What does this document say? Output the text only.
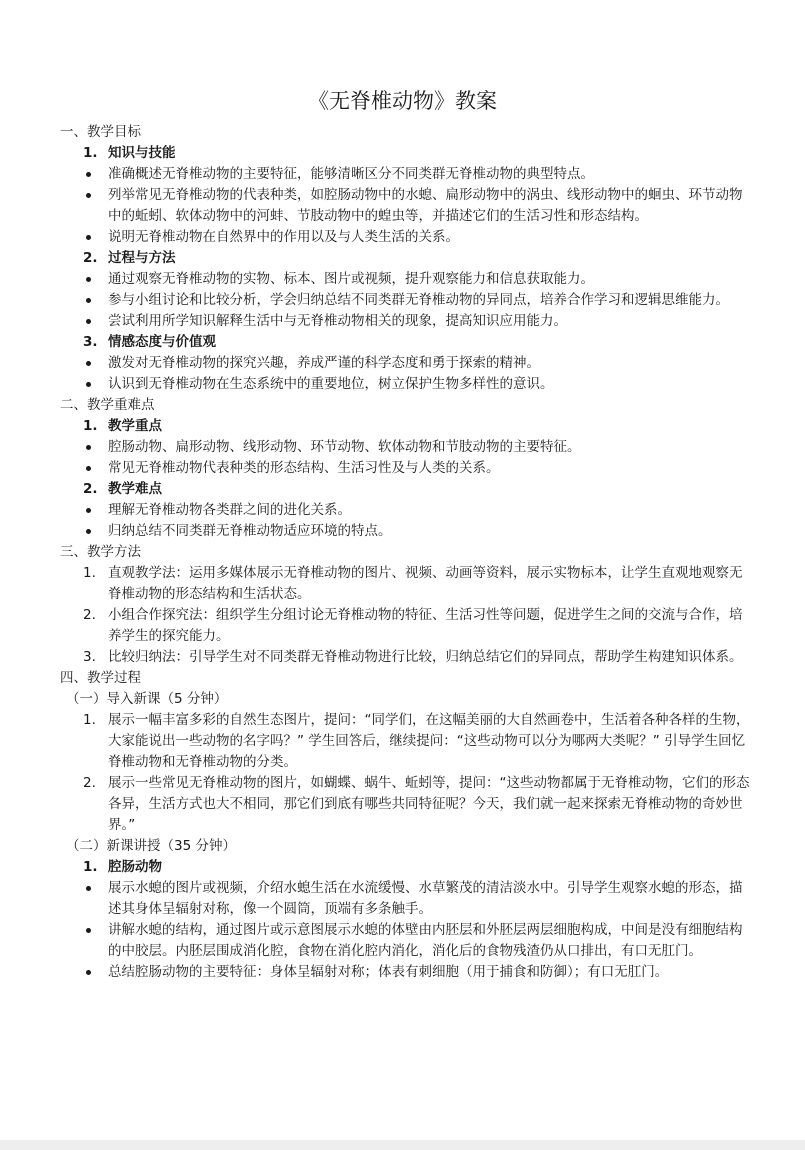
《无脊椎动物》教案
一、教学目标
1. 知识与技能
准确概述无脊椎动物的主要特征，能够清晰区分不同类群无脊椎动物的典型特点。
列举常见无脊椎动物的代表种类，如腔肠动物中的水螅、扁形动物中的涡虫、线形动物中的蛔虫、环节动物中的蚯蚓、软体动物中的河蚌、节肢动物中的蝗虫等，并描述它们的生活习性和形态结构。
说明无脊椎动物在自然界中的作用以及与人类生活的关系。
2. 过程与方法
通过观察无脊椎动物的实物、标本、图片或视频，提升观察能力和信息获取能力。
参与小组讨论和比较分析，学会归纳总结不同类群无脊椎动物的异同点，培养合作学习和逻辑思维能力。
尝试利用所学知识解释生活中与无脊椎动物相关的现象，提高知识应用能力。
3. 情感态度与价值观
激发对无脊椎动物的探究兴趣，养成严谨的科学态度和勇于探索的精神。
认识到无脊椎动物在生态系统中的重要地位，树立保护生物多样性的意识。
二、教学重难点
1. 教学重点
腔肠动物、扁形动物、线形动物、环节动物、软体动物和节肢动物的主要特征。
常见无脊椎动物代表种类的形态结构、生活习性及与人类的关系。
2. 教学难点
理解无脊椎动物各类群之间的进化关系。
归纳总结不同类群无脊椎动物适应环境的特点。
三、教学方法
1. 直观教学法：运用多媒体展示无脊椎动物的图片、视频、动画等资料，展示实物标本，让学生直观地观察无脊椎动物的形态结构和生活状态。
2. 小组合作探究法：组织学生分组讨论无脊椎动物的特征、生活习性等问题，促进学生之间的交流与合作，培养学生的探究能力。
3. 比较归纳法：引导学生对不同类群无脊椎动物进行比较，归纳总结它们的异同点，帮助学生构建知识体系。
四、教学过程
（一）导入新课（5 分钟）
1. 展示一幅丰富多彩的自然生态图片，提问：“同学们，在这幅美丽的大自然画卷中，生活着各种各样的生物，大家能说出一些动物的名字吗？” 学生回答后，继续提问：“这些动物可以分为哪两大类呢？” 引导学生回忆脊椎动物和无脊椎动物的分类。
2. 展示一些常见无脊椎动物的图片，如蝴蝶、蜗牛、蚯蚓等，提问：“这些动物都属于无脊椎动物，它们的形态各异，生活方式也大不相同，那它们到底有哪些共同特征呢？今天，我们就一起来探索无脊椎动物的奇妙世界。”
（二）新课讲授（35 分钟）
1. 腔肠动物
展示水螅的图片或视频，介绍水螅生活在水流缓慢、水草繁茂的清洁淡水中。引导学生观察水螅的形态，描述其身体呈辐射对称，像一个圆筒，顶端有多条触手。
讲解水螅的结构，通过图片或示意图展示水螅的体壁由内胚层和外胚层两层细胞构成，中间是没有细胞结构的中胶层。内胚层围成消化腔，食物在消化腔内消化，消化后的食物残渣仍从口排出，有口无肛门。
总结腔肠动物的主要特征：身体呈辐射对称；体表有刺细胞（用于捕食和防御）；有口无肛门。
